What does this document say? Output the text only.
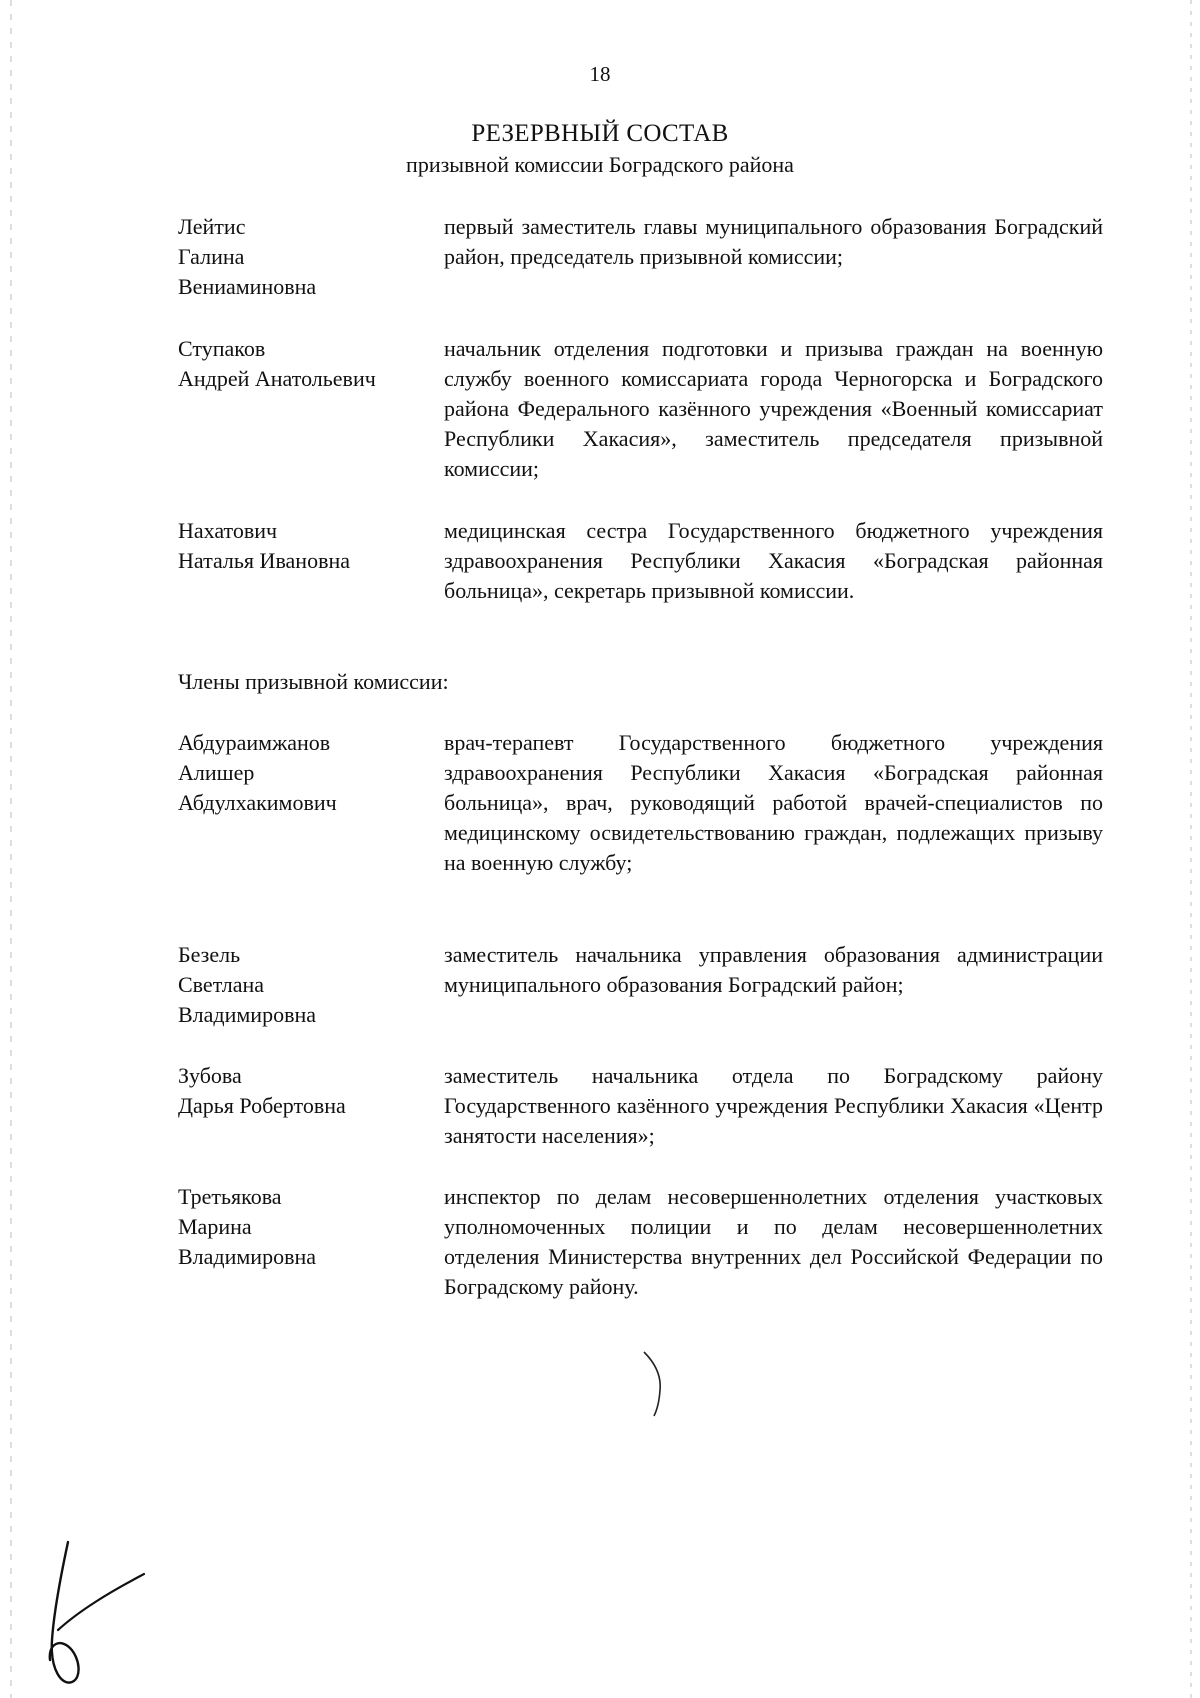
18
РЕЗЕРВНЫЙ СОСТАВ
призывной комиссии Боградского района
Лейтис
Галина
Вениаминовна
первый заместитель главы муниципального образования Боградский район, председатель призывной комиссии;
Ступаков
Андрей Анатольевич
начальник отделения подготовки и призыва граждан на военную службу военного комиссариата города Черногорска и Боградского района Федерального казённого учреждения «Военный комиссариат Республики Хакасия», заместитель председателя призывной комиссии;
Нахатович
Наталья Ивановна
медицинская сестра Государственного бюджетного учреждения здравоохранения Республики Хакасия «Боградская районная больница», секретарь призывной комиссии.
Члены призывной комиссии:
Абдураимжанов
Алишер
Абдулхакимович
врач-терапевт Государственного бюджетного учреждения здравоохранения Республики Хакасия «Боградская районная больница», врач, руководящий работой врачей-специалистов по медицинскому освидетельствованию граждан, подлежащих призыву на военную службу;
Безель
Светлана
Владимировна
заместитель начальника управления образования администрации муниципального образования Боградский район;
Зубова
Дарья Робертовна
заместитель начальника отдела по Боградскому району Государственного казённого учреждения Республики Хакасия «Центр занятости населения»;
Третьякова
Марина
Владимировна
инспектор по делам несовершеннолетних отделения участковых уполномоченных полиции и по делам несовершеннолетних отделения Министерства внутренних дел Российской Федерации по Боградскому району.
